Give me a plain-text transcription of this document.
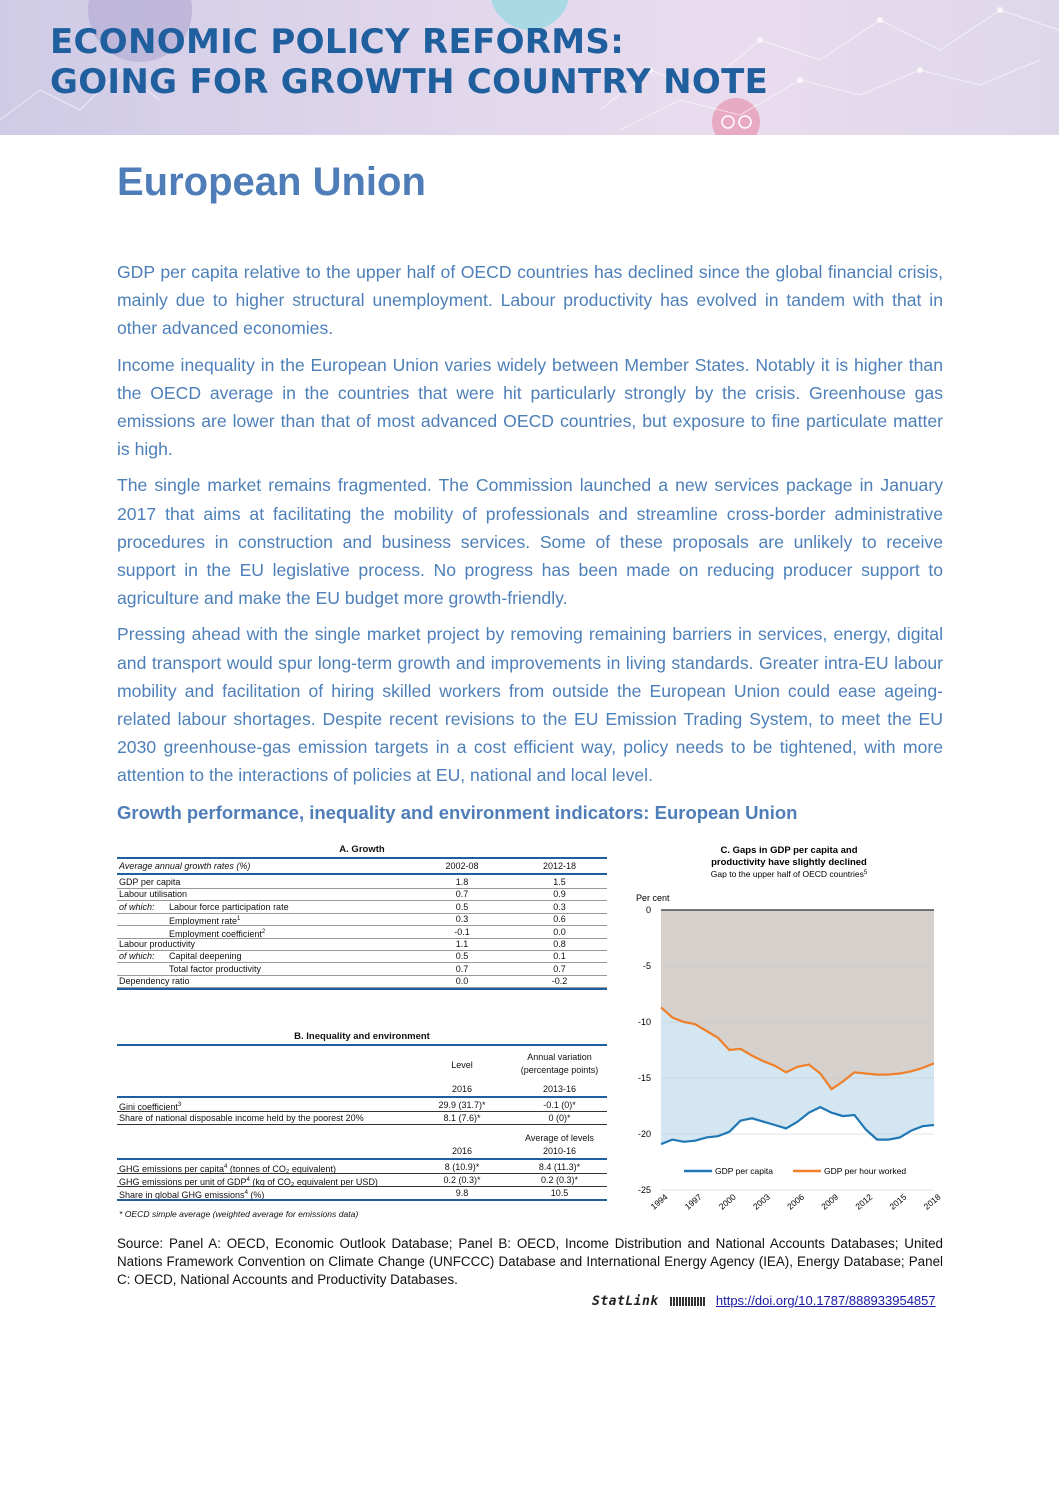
ECONOMIC POLICY REFORMS:
GOING FOR GROWTH COUNTRY NOTE
European Union

GDP per capita relative to the upper half of OECD countries has declined since the global financial crisis, mainly due to higher structural unemployment. Labour productivity has evolved in tandem with that in other advanced economies.

Income inequality in the European Union varies widely between Member States. Notably it is higher than the OECD average in the countries that were hit particularly strongly by the crisis. Greenhouse gas emissions are lower than that of most advanced OECD countries, but exposure to fine particulate matter is high.

The single market remains fragmented. The Commission launched a new services package in January 2017 that aims at facilitating the mobility of professionals and streamline cross-border administrative procedures in construction and business services. Some of these proposals are unlikely to receive support in the EU legislative process. No progress has been made on reducing producer support to agriculture and make the EU budget more growth-friendly.

Pressing ahead with the single market project by removing remaining barriers in services, energy, digital and transport would spur long-term growth and improvements in living standards. Greater intra-EU labour mobility and facilitation of hiring skilled workers from outside the European Union could ease ageing-related labour shortages. Despite recent revisions to the EU Emission Trading System, to meet the EU 2030 greenhouse-gas emission targets in a cost efficient way, policy needs to be tightened, with more attention to the interactions of policies at EU, national and local level.

Growth performance, inequality and environment indicators: European Union
A. Growth
Average annual growth rates (%)	2002-08	2012-18
GDP per capita	1.8	1.5
Labour utilisation	0.7	0.9
of which: Labour force participation rate	0.5	0.3
Employment rate$^1$	0.3	0.6
Employment coefficient$^2$	-0.1	0.0
Labour productivity	1.1	0.8
of which: Capital deepening	0.5	0.1
Total factor productivity	0.7	0.7
Dependency ratio	0.0	-0.2
B. Inequality and environment
Level
Annual variation
(percentage points)
2016	2013-16
Gini coefficient$^3$	29.9 (31.7)*	-0.1 (0)*
Share of national disposable income held by the poorest 20%	8.1 (7.6)*	0 (0)*
Average of levels
2016	2010-16
GHG emissions per capita$^4$ (tonnes of CO₂ equivalent)	8 (10.9)*	8.4 (11.3)*
GHG emissions per unit of GDP$^4$ (kg of CO₂ equivalent per USD)	0.2 (0.3)*	0.2 (0.3)*
Share in global GHG emissions$^4$ (%)	9.8	10.5
* OECD simple average (weighted average for emissions data)
C. Gaps in GDP per capita and
productivity have slightly declined
Gap to the upper half of OECD countries$^5$
Per cent
0
-5
-10
-15
-20
-25
1994 1997 2000 2003 2006 2009 2012 2015 2018
GDP per capita	GDP per hour worked

Source: Panel A: OECD, Economic Outlook Database; Panel B: OECD, Income Distribution and National Accounts Databases; United Nations Framework Convention on Climate Change (UNFCCC) Database and International Energy Agency (IEA), Energy Database; Panel C: OECD, National Accounts and Productivity Databases.

StatLink	https://doi.org/10.1787/888933954857
